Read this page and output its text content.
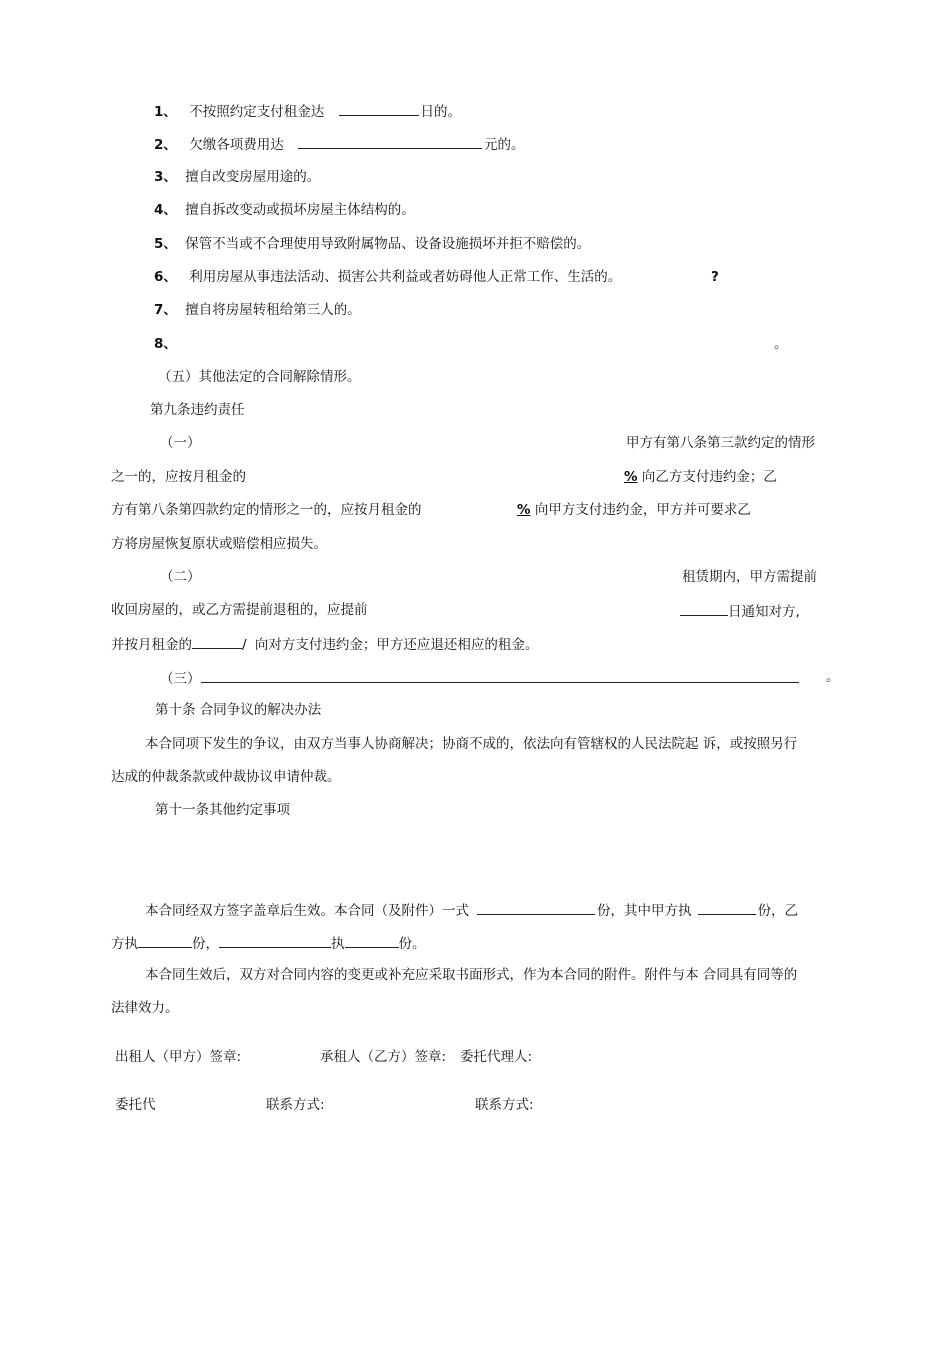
1、 不按照约定支付租金达	日的。
2、 欠缴各项费用达	元的。
3、 擅自改变房屋用途的。
4、 擅自拆改变动或损坏房屋主体结构的。
5、 保管不当或不合理使用导致附属物品、设备设施损坏并拒不赔偿的。
6、 利用房屋从事违法活动、损害公共利益或者妨碍他人正常工作、生活的。	?
7、 擅自将房屋转租给第三人的。
8、	。
（五）其他法定的合同解除情形。
第九条违约责任
（一）	甲方有第八条第三款约定的情形
之一的，应按月租金的	% 向乙方支付违约金；乙
方有第八条第四款约定的情形之一的，应按月租金的	% 向甲方支付违约金，甲方并可要求乙
方将房屋恢复原状或赔偿相应损失。
（二）	租赁期内，甲方需提前
收回房屋的，或乙方需提前退租的，应提前	日通知对方,
并按月租金的	/ 向对方支付违约金；甲方还应退还相应的租金。
（三）	。
第十条 合同争议的解决办法
本合同项下发生的争议，由双方当事人协商解决；协商不成的，依法向有管辖权的人民法院起 诉，或按照另行
达成的仲裁条款或仲裁协议申请仲裁。
第十一条其他约定事项
本合同经双方签字盖章后生效。本合同（及附件）一式	份，其中甲方执	份，乙
方执	份，	执	份。
本合同生效后，双方对合同内容的变更或补充应采取书面形式，作为本合同的附件。附件与本 合同具有同等的
法律效力。
出租人（甲方）签章:	承租人（乙方）签章: 委托代理人:
委托代	联系方式:	联系方式:
